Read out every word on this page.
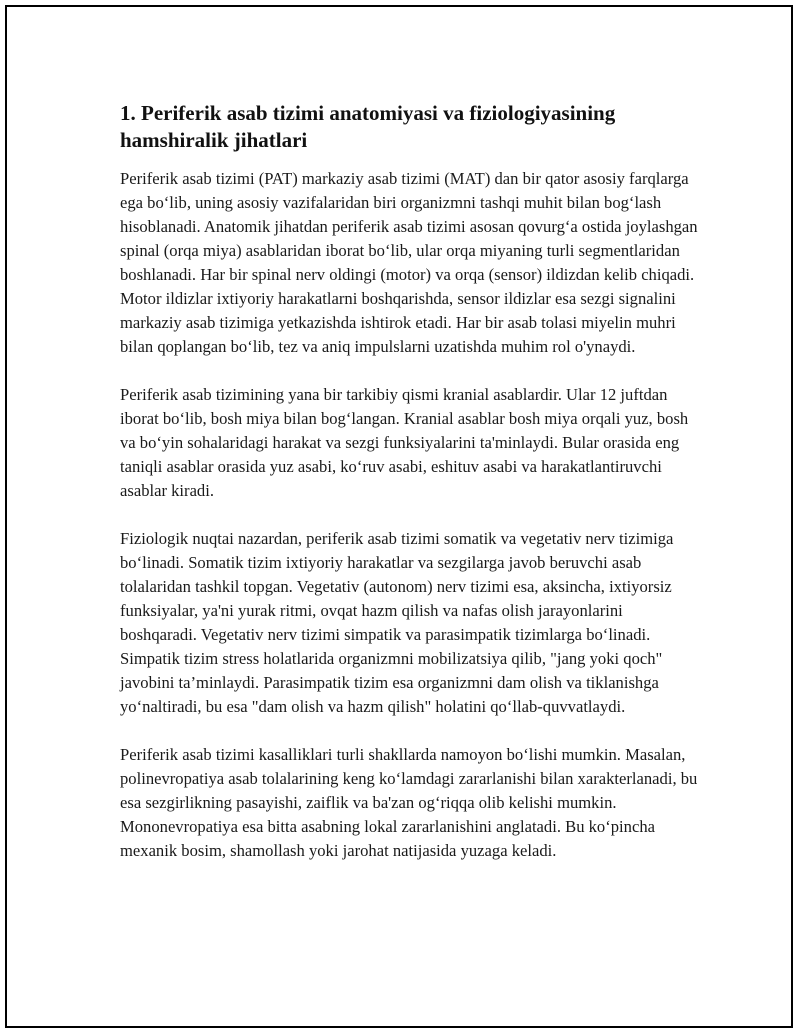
1. Periferik asab tizimi anatomiyasi va fiziologiyasining hamshiralik jihatlari

Periferik asab tizimi (PAT) markaziy asab tizimi (MAT) dan bir qator asosiy farqlarga ega bo‘lib, uning asosiy vazifalaridan biri organizmni tashqi muhit bilan bog‘lash hisoblanadi. Anatomik jihatdan periferik asab tizimi asosan qovurg‘a ostida joylashgan spinal (orqa miya) asablaridan iborat bo‘lib, ular orqa miyaning turli segmentlaridan boshlanadi. Har bir spinal nerv oldingi (motor) va orqa (sensor) ildizdan kelib chiqadi. Motor ildizlar ixtiyoriy harakatlarni boshqarishda, sensor ildizlar esa sezgi signalini markaziy asab tizimiga yetkazishda ishtirok etadi. Har bir asab tolasi miyelin muhri bilan qoplangan bo‘lib, tez va aniq impulslarni uzatishda muhim rol o'ynaydi.

Periferik asab tizimining yana bir tarkibiy qismi kranial asablardir. Ular 12 juftdan iborat bo‘lib, bosh miya bilan bog‘langan. Kranial asablar bosh miya orqali yuz, bosh va bo‘yin sohalaridagi harakat va sezgi funksiyalarini ta'minlaydi. Bular orasida eng taniqli asablar orasida yuz asabi, ko‘ruv asabi, eshituv asabi va harakatlantiruvchi asablar kiradi.

Fiziologik nuqtai nazardan, periferik asab tizimi somatik va vegetativ nerv tizimiga bo‘linadi. Somatik tizim ixtiyoriy harakatlar va sezgilarga javob beruvchi asab tolalaridan tashkil topgan. Vegetativ (autonom) nerv tizimi esa, aksincha, ixtiyorsiz funksiyalar, ya'ni yurak ritmi, ovqat hazm qilish va nafas olish jarayonlarini boshqaradi. Vegetativ nerv tizimi simpatik va parasimpatik tizimlarga bo‘linadi. Simpatik tizim stress holatlarida organizmni mobilizatsiya qilib, "jang yoki qoch" javobini ta’minlaydi. Parasimpatik tizim esa organizmni dam olish va tiklanishga yo‘naltiradi, bu esa "dam olish va hazm qilish" holatini qo‘llab-quvvatlaydi.

Periferik asab tizimi kasalliklari turli shakllarda namoyon bo‘lishi mumkin. Masalan, polinevropatiya asab tolalarining keng ko‘lamdagi zararlanishi bilan xarakterlanadi, bu esa sezgirlikning pasayishi, zaiflik va ba'zan og‘riqqa olib kelishi mumkin. Mononevropatiya esa bitta asabning lokal zararlanishini anglatadi. Bu ko‘pincha mexanik bosim, shamollash yoki jarohat natijasida yuzaga keladi.
